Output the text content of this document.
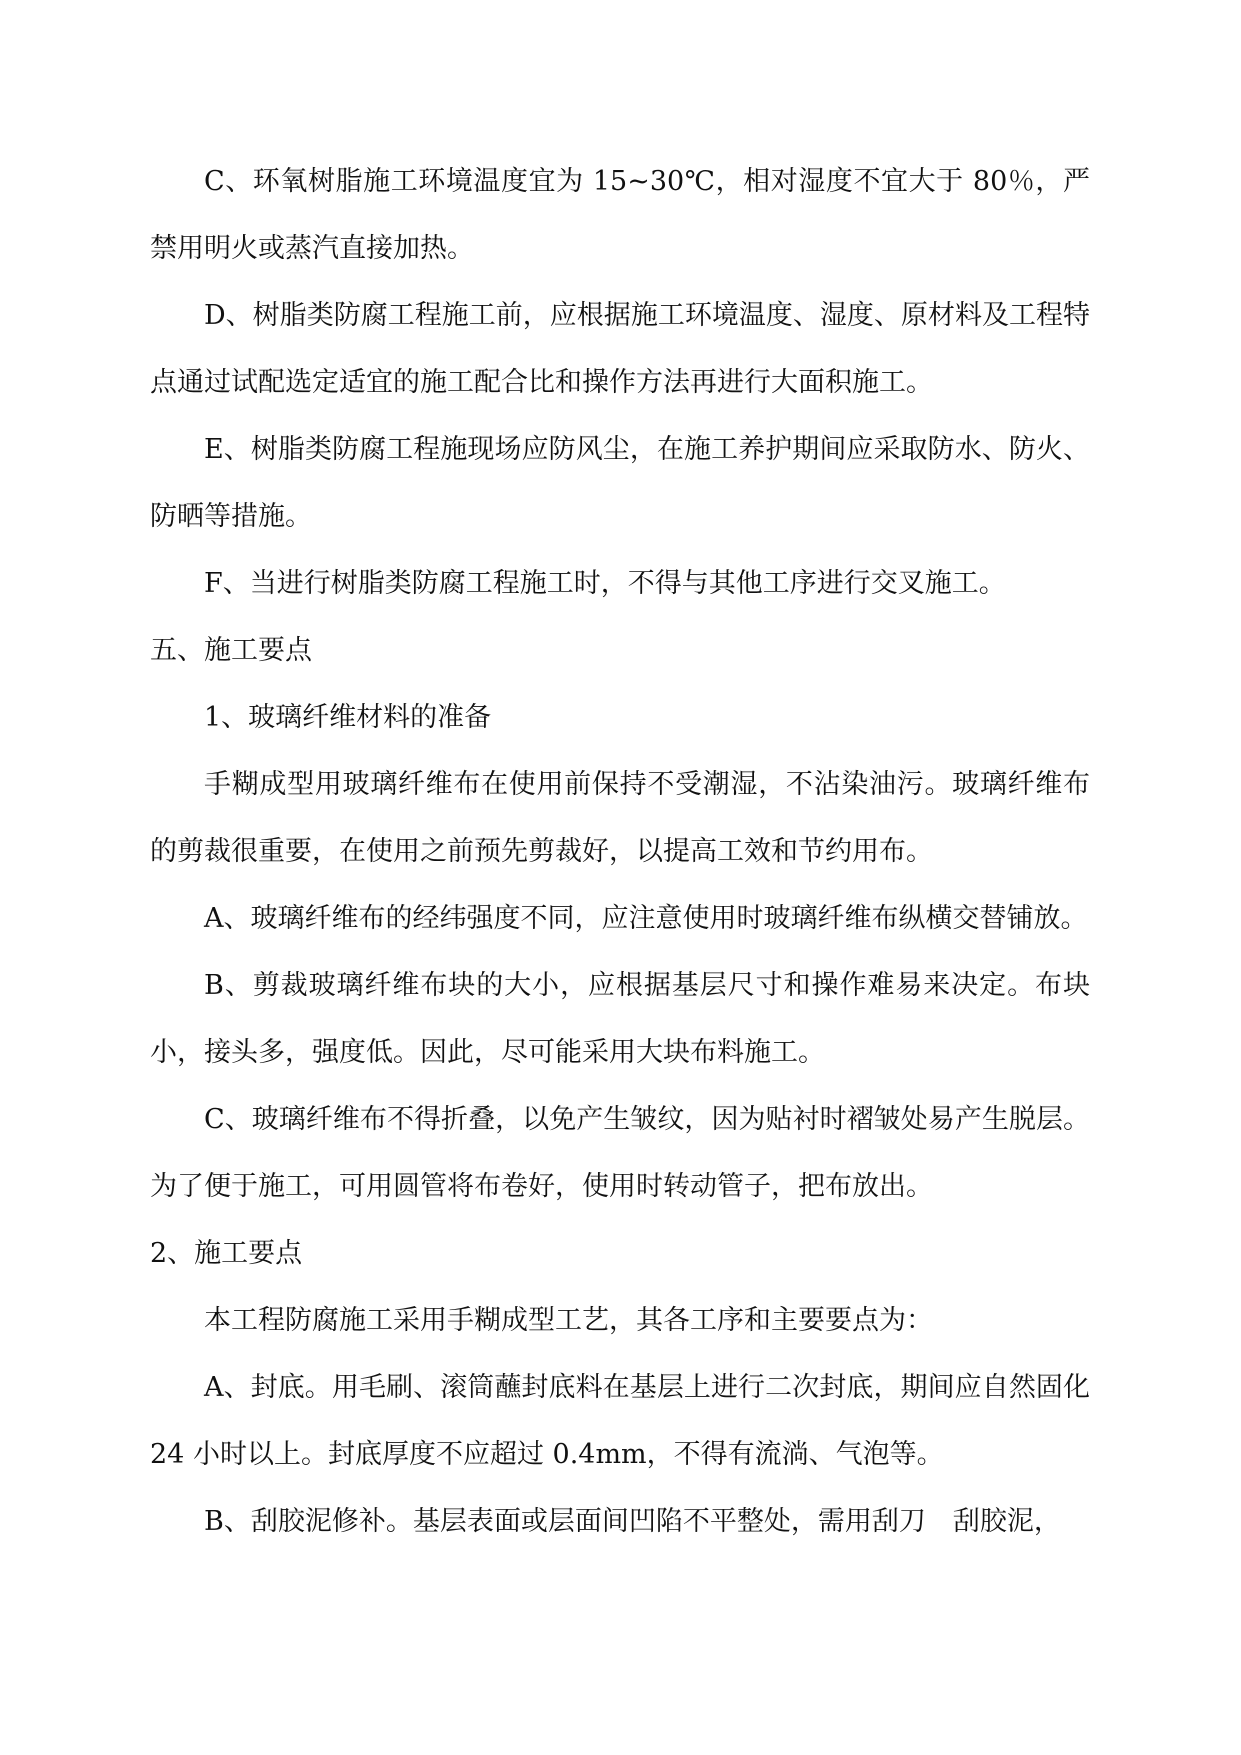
C、环氧树脂施工环境温度宜为 15~30℃，相对湿度不宜大于 80％，严禁用明火或蒸汽直接加热。

D、树脂类防腐工程施工前，应根据施工环境温度、湿度、原材料及工程特点通过试配选定适宜的施工配合比和操作方法再进行大面积施工。

E、树脂类防腐工程施现场应防风尘，在施工养护期间应采取防水、防火、防晒等措施。

F、当进行树脂类防腐工程施工时，不得与其他工序进行交叉施工。

五、施工要点

1、玻璃纤维材料的准备

手糊成型用玻璃纤维布在使用前保持不受潮湿，不沾染油污。玻璃纤维布的剪裁很重要，在使用之前预先剪裁好，以提高工效和节约用布。

A、玻璃纤维布的经纬强度不同，应注意使用时玻璃纤维布纵横交替铺放。

B、剪裁玻璃纤维布块的大小，应根据基层尺寸和操作难易来决定。布块小，接头多，强度低。因此，尽可能采用大块布料施工。

C、玻璃纤维布不得折叠，以免产生皱纹，因为贴衬时褶皱处易产生脱层。为了便于施工，可用圆管将布卷好，使用时转动管子，把布放出。

2、施工要点

本工程防腐施工采用手糊成型工艺，其各工序和主要要点为：

A、封底。用毛刷、滚筒蘸封底料在基层上进行二次封底，期间应自然固化 24 小时以上。封底厚度不应超过 0.4mm，不得有流淌、气泡等。

B、刮胶泥修补。基层表面或层面间凹陷不平整处，需用刮刀　刮胶泥，
